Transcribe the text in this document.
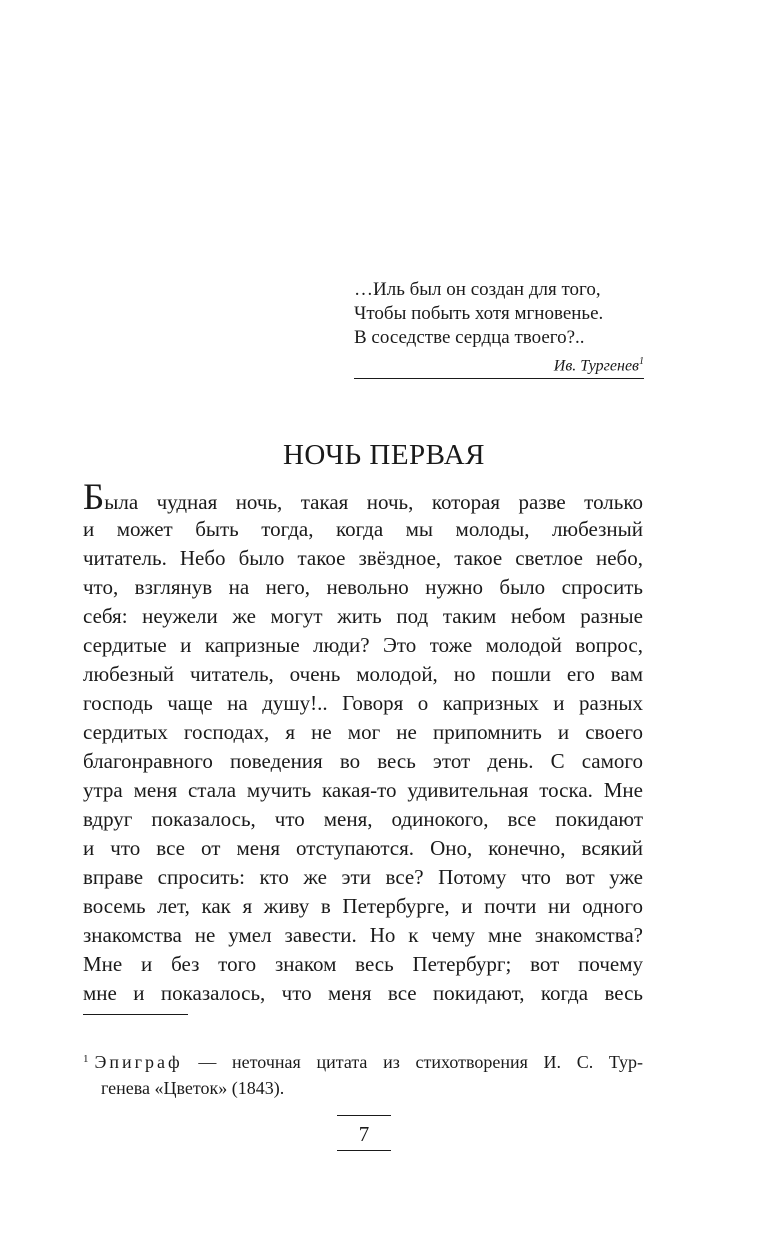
…Иль был он создан для того,
Чтобы побыть хотя мгновенье.
В соседстве сердца твоего?..
Ив. Тургенев$^1$
НОЧЬ ПЕРВАЯ
Была чудная ночь, такая ночь, которая разве только
и может быть тогда, когда мы молоды, любезный
читатель. Небо было такое звёздное, такое светлое небо,
что, взглянув на него, невольно нужно было спросить
себя: неужели же могут жить под таким небом разные
сердитые и капризные люди? Это тоже молодой вопрос,
любезный читатель, очень молодой, но пошли его вам
господь чаще на душу!.. Говоря о капризных и разных
сердитых господах, я не мог не припомнить и своего
благонравного поведения во весь этот день. С самого
утра меня стала мучить какая-то удивительная тоска. Мне
вдруг показалось, что меня, одинокого, все покидают
и что все от меня отступаются. Оно, конечно, всякий
вправе спросить: кто же эти все? Потому что вот уже
восемь лет, как я живу в Петербурге, и почти ни одного
знакомства не умел завести. Но к чему мне знакомства?
Мне и без того знаком весь Петербург; вот почему
мне и показалось, что меня все покидают, когда весь
$^1$ Эпиграф — неточная цитата из стихотворения И. С. Тур-
генева «Цветок» (1843).
7
